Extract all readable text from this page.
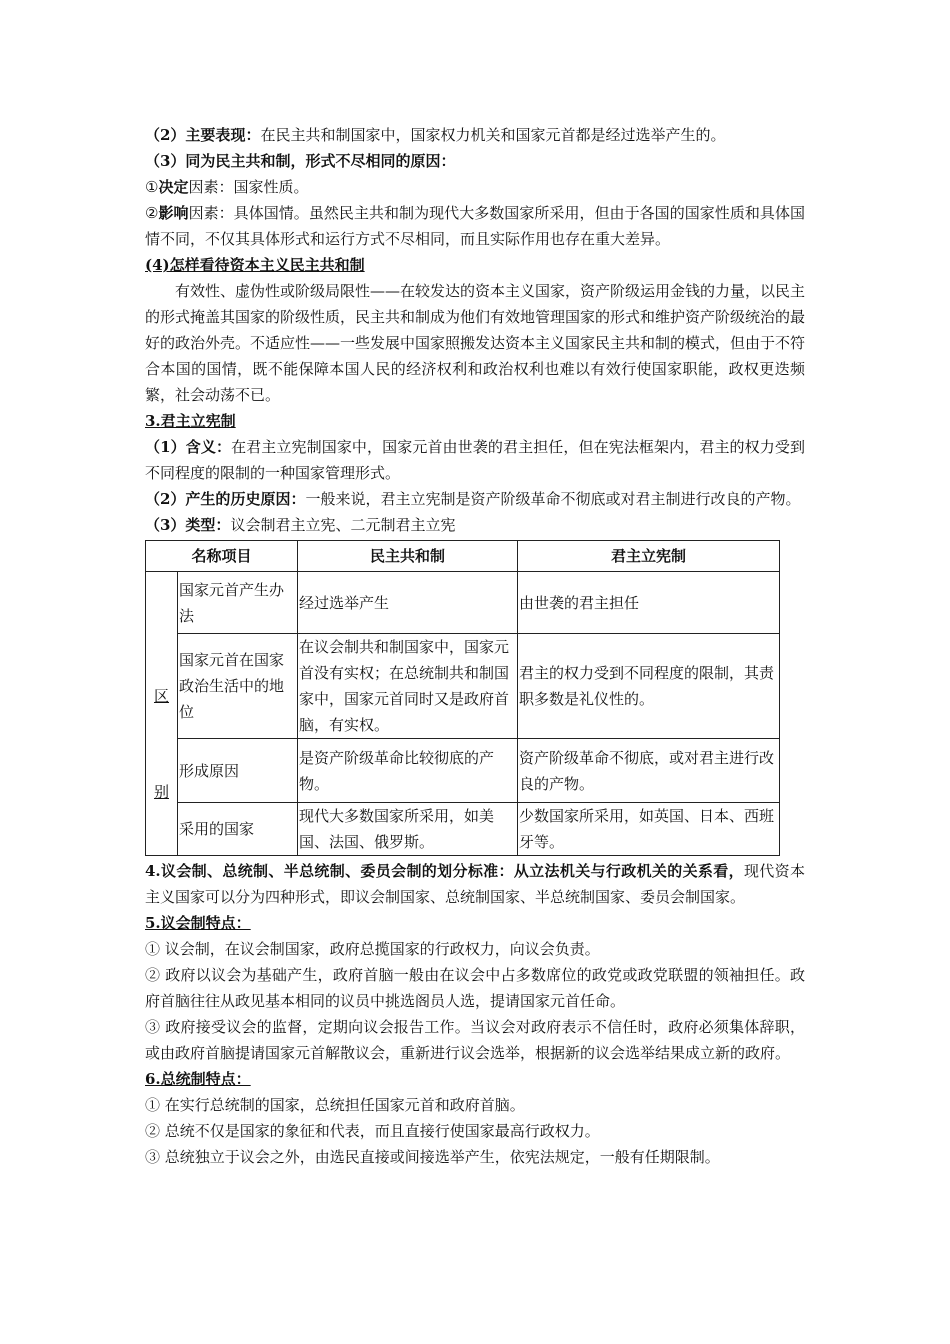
（2）主要表现：在民主共和制国家中，国家权力机关和国家元首都是经过选举产生的。

（3）同为民主共和制，形式不尽相同的原因：

①决定因素：国家性质。

②影响因素：具体国情。虽然民主共和制为现代大多数国家所采用，但由于各国的国家性质和具体国情不同，不仅其具体形式和运行方式不尽相同，而且实际作用也存在重大差异。

(4)怎样看待资本主义民主共和制

有效性、虚伪性或阶级局限性——在较发达的资本主义国家，资产阶级运用金钱的力量，以民主的形式掩盖其国家的阶级性质，民主共和制成为他们有效地管理国家的形式和维护资产阶级统治的最好的政治外壳。不适应性——一些发展中国家照搬发达资本主义国家民主共和制的模式，但由于不符合本国的国情，既不能保障本国人民的经济权利和政治权利也难以有效行使国家职能，政权更迭频繁，社会动荡不已。

3.君主立宪制

（1）含义：在君主立宪制国家中，国家元首由世袭的君主担任，但在宪法框架内，君主的权力受到不同程度的限制的一种国家管理形式。

（2）产生的历史原因：一般来说，君主立宪制是资产阶级革命不彻底或对君主制进行改良的产物。

（3）类型：议会制君主立宪、二元制君主立宪

名称项目		民主共和制	君主立宪制

区
别	国家元首产生办法	经过选举产生	由世袭的君主担任
	国家元首在国家政治生活中的地位	在议会制共和制国家中，国家元首没有实权；在总统制共和制国家中，国家元首同时又是政府首脑，有实权。	君主的权力受到不同程度的限制，其责职多数是礼仪性的。
	形成原因	是资产阶级革命比较彻底的产物。	资产阶级革命不彻底，或对君主进行改良的产物。
	采用的国家	现代大多数国家所采用，如美国、法国、俄罗斯。	少数国家所采用，如英国、日本、西班牙等。

4.议会制、总统制、半总统制、委员会制的划分标准：从立法机关与行政机关的关系看，现代资本主义国家可以分为四种形式，即议会制国家、总统制国家、半总统制国家、委员会制国家。

5.议会制特点：

① 议会制，在议会制国家，政府总揽国家的行政权力，向议会负责。

② 政府以议会为基础产生，政府首脑一般由在议会中占多数席位的政党或政党联盟的领袖担任。政府首脑往往从政见基本相同的议员中挑选阁员人选，提请国家元首任命。

③ 政府接受议会的监督，定期向议会报告工作。当议会对政府表示不信任时，政府必须集体辞职，或由政府首脑提请国家元首解散议会，重新进行议会选举，根据新的议会选举结果成立新的政府。

6.总统制特点：

① 在实行总统制的国家，总统担任国家元首和政府首脑。

② 总统不仅是国家的象征和代表，而且直接行使国家最高行政权力。

③ 总统独立于议会之外，由选民直接或间接选举产生，依宪法规定，一般有任期限制。
